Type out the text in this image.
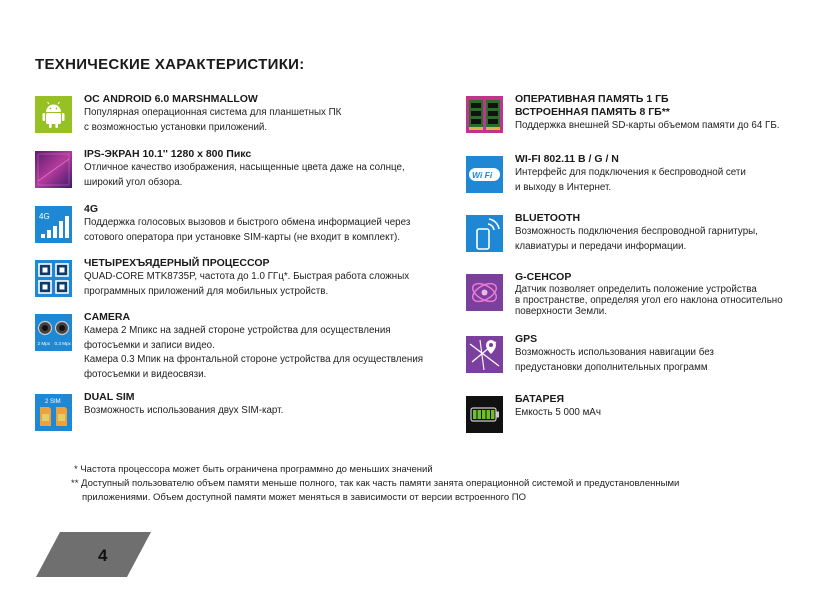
ТЕХНИЧЕСКИЕ ХАРАКТЕРИСТИКИ:
ОС ANDROID 6.0 MARSHMALLOW
Популярная операционная система для планшетных ПК
с возможностью установки приложений.
IPS-ЭКРАН 10.1'' 1280 х 800 Пикс
Отличное качество изображения, насыщенные цвета даже на солнце,
широкий угол обзора.
4G
4G
Поддержка голосовых вызовов и быстрого обмена информацией через
сотового оператора при установке SIM-карты (не входит в комплект).
ЧЕТЫРЕХЪЯДЕРНЫЙ ПРОЦЕССОР
QUAD-CORE MTK8735P, частота до 1.0 ГГц*. Быстрая работа сложных
программных приложений для мобильных устройств.
2 Mpx 0.3 Mpx
CAMERA
Камера 2 Мпикс на задней стороне устройства для осуществления
фотосъемки и записи видео.
Камера 0.3 Мпик на фронтальной стороне устройства для осуществления
фотосъемки и видеосвязи.
2 SIM DUAL SIM
Возможность использования двух SIM-карт.
ОПЕРАТИВНАЯ ПАМЯТЬ 1 ГБ
ВСТРОЕННАЯ ПАМЯТЬ 8 ГБ**
Поддержка внешней SD-карты объемом памяти до 64 ГБ.
Wi Fi
WI-FI 802.11 B / G / N
Интерфейс для подключения к беспроводной сети
и выходу в Интернет.
BLUETOOTH
Возможность подключения беспроводной гарнитуры,
клавиатуры и передачи информации.
G-СЕНСОР
Датчик позволяет определить положение устройства
в пространстве, определяя угол его наклона относительно
поверхности Земли.
GPS
Возможность использования навигации без
предустановки дополнительных программ
БАТАРЕЯ
Емкость 5 000 мАч
* Частота процессора может быть ограничена программно до меньших значений
** Доступный пользователю объем памяти меньше полного, так как часть памяти занята операционной системой и предустановленными
приложениями. Объем доступной памяти может меняться в зависимости от версии встроенного ПО
4
